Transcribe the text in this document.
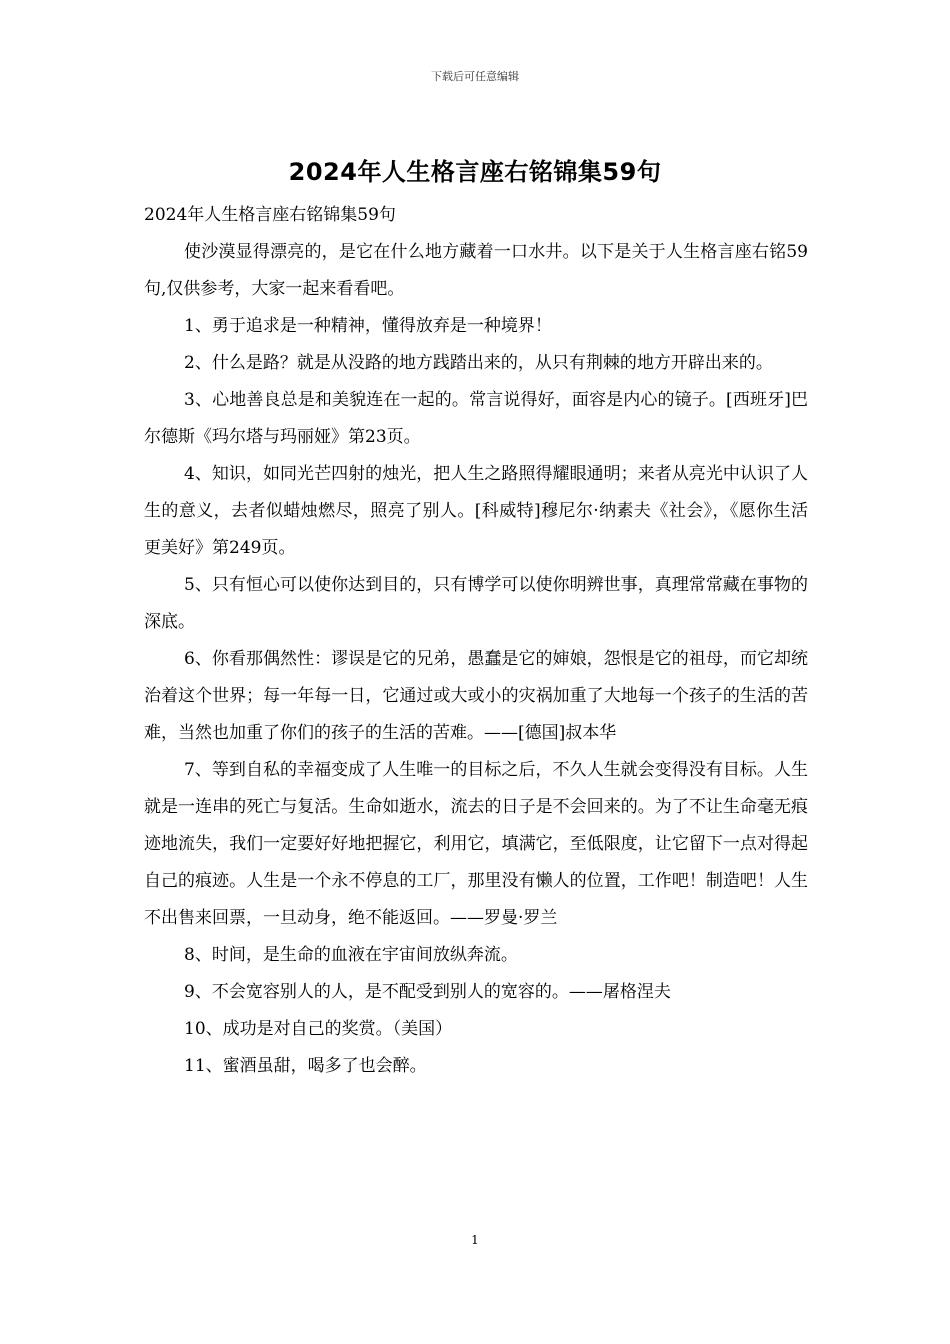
下载后可任意编辑
2024年人生格言座右铭锦集59句

2024年人生格言座右铭锦集59句

使沙漠显得漂亮的，是它在什么地方藏着一口水井。以下是关于人生格言座右铭59句,仅供参考，大家一起来看看吧。

1、勇于追求是一种精神，懂得放弃是一种境界！

2、什么是路？就是从没路的地方践踏出来的，从只有荆棘的地方开辟出来的。

3、心地善良总是和美貌连在一起的。常言说得好，面容是内心的镜子。[西班牙]巴尔德斯《玛尔塔与玛丽娅》第23页。

4、知识，如同光芒四射的烛光，把人生之路照得耀眼通明；来者从亮光中认识了人生的意义，去者似蜡烛燃尽，照亮了别人。[科威特]穆尼尔·纳素夫《社会》，《愿你生活更美好》第249页。

5、只有恒心可以使你达到目的，只有博学可以使你明辨世事，真理常常藏在事物的深底。

6、你看那偶然性：谬误是它的兄弟，愚蠢是它的婶娘，怨恨是它的祖母，而它却统治着这个世界；每一年每一日，它通过或大或小的灾祸加重了大地每一个孩子的生活的苦难，当然也加重了你们的孩子的生活的苦难。——[德国]叔本华

7、等到自私的幸福变成了人生唯一的目标之后，不久人生就会变得没有目标。人生就是一连串的死亡与复活。生命如逝水，流去的日子是不会回来的。为了不让生命毫无痕迹地流失，我们一定要好好地把握它，利用它，填满它，至低限度，让它留下一点对得起自己的痕迹。人生是一个永不停息的工厂，那里没有懒人的位置，工作吧！制造吧！人生不出售来回票，一旦动身，绝不能返回。——罗曼·罗兰

8、时间，是生命的血液在宇宙间放纵奔流。

9、不会宽容别人的人，是不配受到别人的宽容的。——屠格涅夫

10、成功是对自己的奖赏。（美国）

11、蜜酒虽甜，喝多了也会醉。

1
